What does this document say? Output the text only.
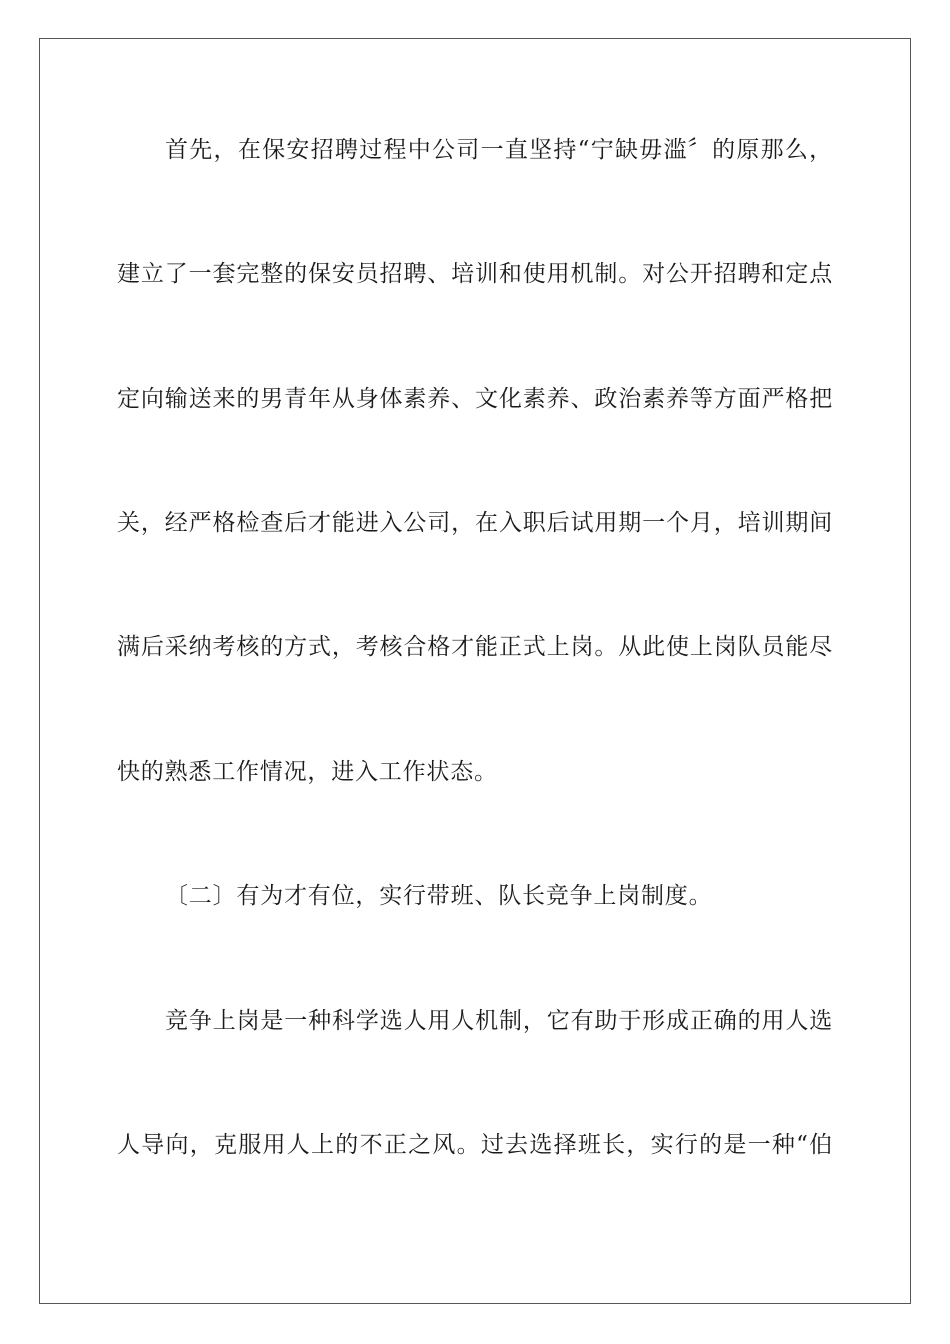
首先，在保安招聘过程中公司一直坚持“宁缺毋滥〞的原那么，
建立了一套完整的保安员招聘、培训和使用机制。对公开招聘和定点
定向输送来的男青年从身体素养、文化素养、政治素养等方面严格把
关，经严格检查后才能进入公司，在入职后试用期一个月，培训期间
满后采纳考核的方式，考核合格才能正式上岗。从此使上岗队员能尽
快的熟悉工作情况，进入工作状态。
〔二〕有为才有位，实行带班、队长竞争上岗制度。
竞争上岗是一种科学选人用人机制，它有助于形成正确的用人选
人导向，克服用人上的不正之风。过去选择班长，实行的是一种“伯
